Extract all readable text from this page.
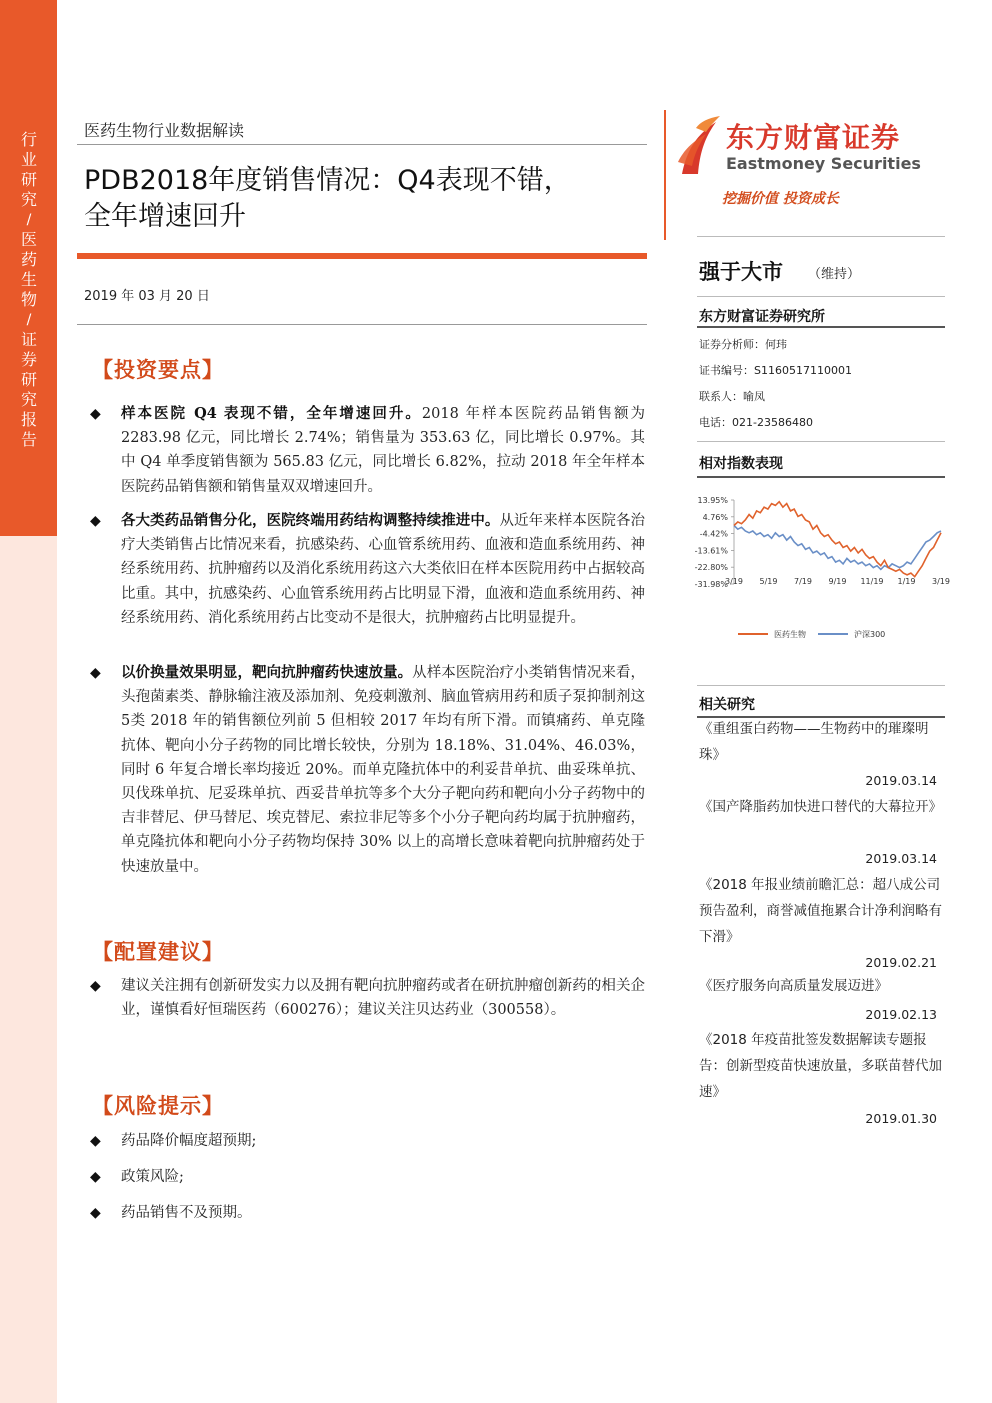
行业研究
/
医药生物
/
证券研究报告
医药生物行业数据解读
PDB2018年度销售情况：Q4表现不错，
全年增速回升
2019 年 03 月 20 日
东方财富证券
Eastmoney Securities
挖掘价值 投资成长
强于大市 （维持）
东方财富证券研究所
证券分析师：何玮
证书编号：S1160517110001
联系人：喻凤
电话：021-23586480
相对指数表现
13.95%
4.76%
-4.42%
-13.61%
-22.80%
-31.98%
3/19 5/19 7/19 9/19 11/19 1/19 3/19
医药生物	沪深300
相关研究
《重组蛋白药物——生物药中的璀璨明珠》
2019.03.14
《国产降脂药加快进口替代的大幕拉开》
2019.03.14
《2018 年报业绩前瞻汇总：超八成公司预告盈利，商誉减值拖累合计净利润略有下滑》
2019.02.21
《医疗服务向高质量发展迈进》
2019.02.13
《2018 年疫苗批签发数据解读专题报告：创新型疫苗快速放量，多联苗替代加速》
2019.01.30
【投资要点】
◆ 样本医院 Q4 表现不错，全年增速回升。2018 年样本医院药品销售额为 2283.98 亿元，同比增长 2.74%；销售量为 353.63 亿，同比增长 0.97%。其中 Q4 单季度销售额为 565.83 亿元，同比增长 6.82%，拉动 2018 年全年样本医院药品销售额和销售量双双增速回升。
◆ 各大类药品销售分化，医院终端用药结构调整持续推进中。从近年来样本医院各治疗大类销售占比情况来看，抗感染药、心血管系统用药、血液和造血系统用药、神经系统用药、抗肿瘤药以及消化系统用药这六大类依旧在样本医院用药中占据较高比重。其中，抗感染药、心血管系统用药占比明显下滑，血液和造血系统用药、神经系统用药、消化系统用药占比变动不是很大，抗肿瘤药占比明显提升。
◆ 以价换量效果明显，靶向抗肿瘤药快速放量。从样本医院治疗小类销售情况来看，头孢菌素类、静脉输注液及添加剂、免疫刺激剂、脑血管病用药和质子泵抑制剂这5类 2018 年的销售额位列前 5 但相较 2017 年均有所下滑。而镇痛药、单克隆抗体、靶向小分子药物的同比增长较快，分别为 18.18%、31.04%、46.03%，同时 6 年复合增长率均接近 20%。而单克隆抗体中的利妥昔单抗、曲妥珠单抗、贝伐珠单抗、尼妥珠单抗、西妥昔单抗等多个大分子靶向药和靶向小分子药物中的吉非替尼、伊马替尼、埃克替尼、索拉非尼等多个小分子靶向药均属于抗肿瘤药，单克隆抗体和靶向小分子药物均保持 30% 以上的高增长意味着靶向抗肿瘤药处于快速放量中。
【配置建议】
◆ 建议关注拥有创新研发实力以及拥有靶向抗肿瘤药或者在研抗肿瘤创新药的相关企业，谨慎看好恒瑞医药（600276）；建议关注贝达药业（300558）。
【风险提示】
◆ 药品降价幅度超预期;
◆ 政策风险;
◆ 药品销售不及预期。
